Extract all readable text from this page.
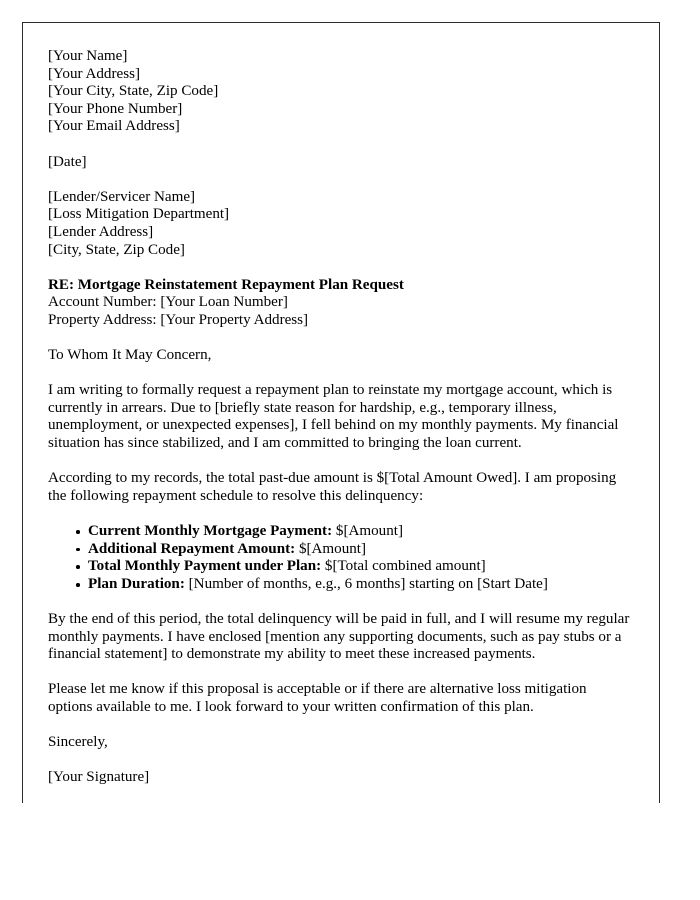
[Your Name]
[Your Address]
[Your City, State, Zip Code]
[Your Phone Number]
[Your Email Address]
[Date]
[Lender/Servicer Name]
[Loss Mitigation Department]
[Lender Address]
[City, State, Zip Code]
RE: Mortgage Reinstatement Repayment Plan Request
Account Number: [Your Loan Number]
Property Address: [Your Property Address]
To Whom It May Concern,

I am writing to formally request a repayment plan to reinstate my mortgage account, which is currently in arrears. Due to [briefly state reason for hardship, e.g., temporary illness, unemployment, or unexpected expenses], I fell behind on my monthly payments. My financial situation has since stabilized, and I am committed to bringing the loan current.

According to my records, the total past-due amount is $[Total Amount Owed]. I am proposing the following repayment schedule to resolve this delinquency:

Current Monthly Mortgage Payment: $[Amount]
Additional Repayment Amount: $[Amount]
Total Monthly Payment under Plan: $[Total combined amount]
Plan Duration: [Number of months, e.g., 6 months] starting on [Start Date]

By the end of this period, the total delinquency will be paid in full, and I will resume my regular monthly payments. I have enclosed [mention any supporting documents, such as pay stubs or a financial statement] to demonstrate my ability to meet these increased payments.

Please let me know if this proposal is acceptable or if there are alternative loss mitigation options available to me. I look forward to your written confirmation of this plan.

Sincerely,
[Your Signature]
